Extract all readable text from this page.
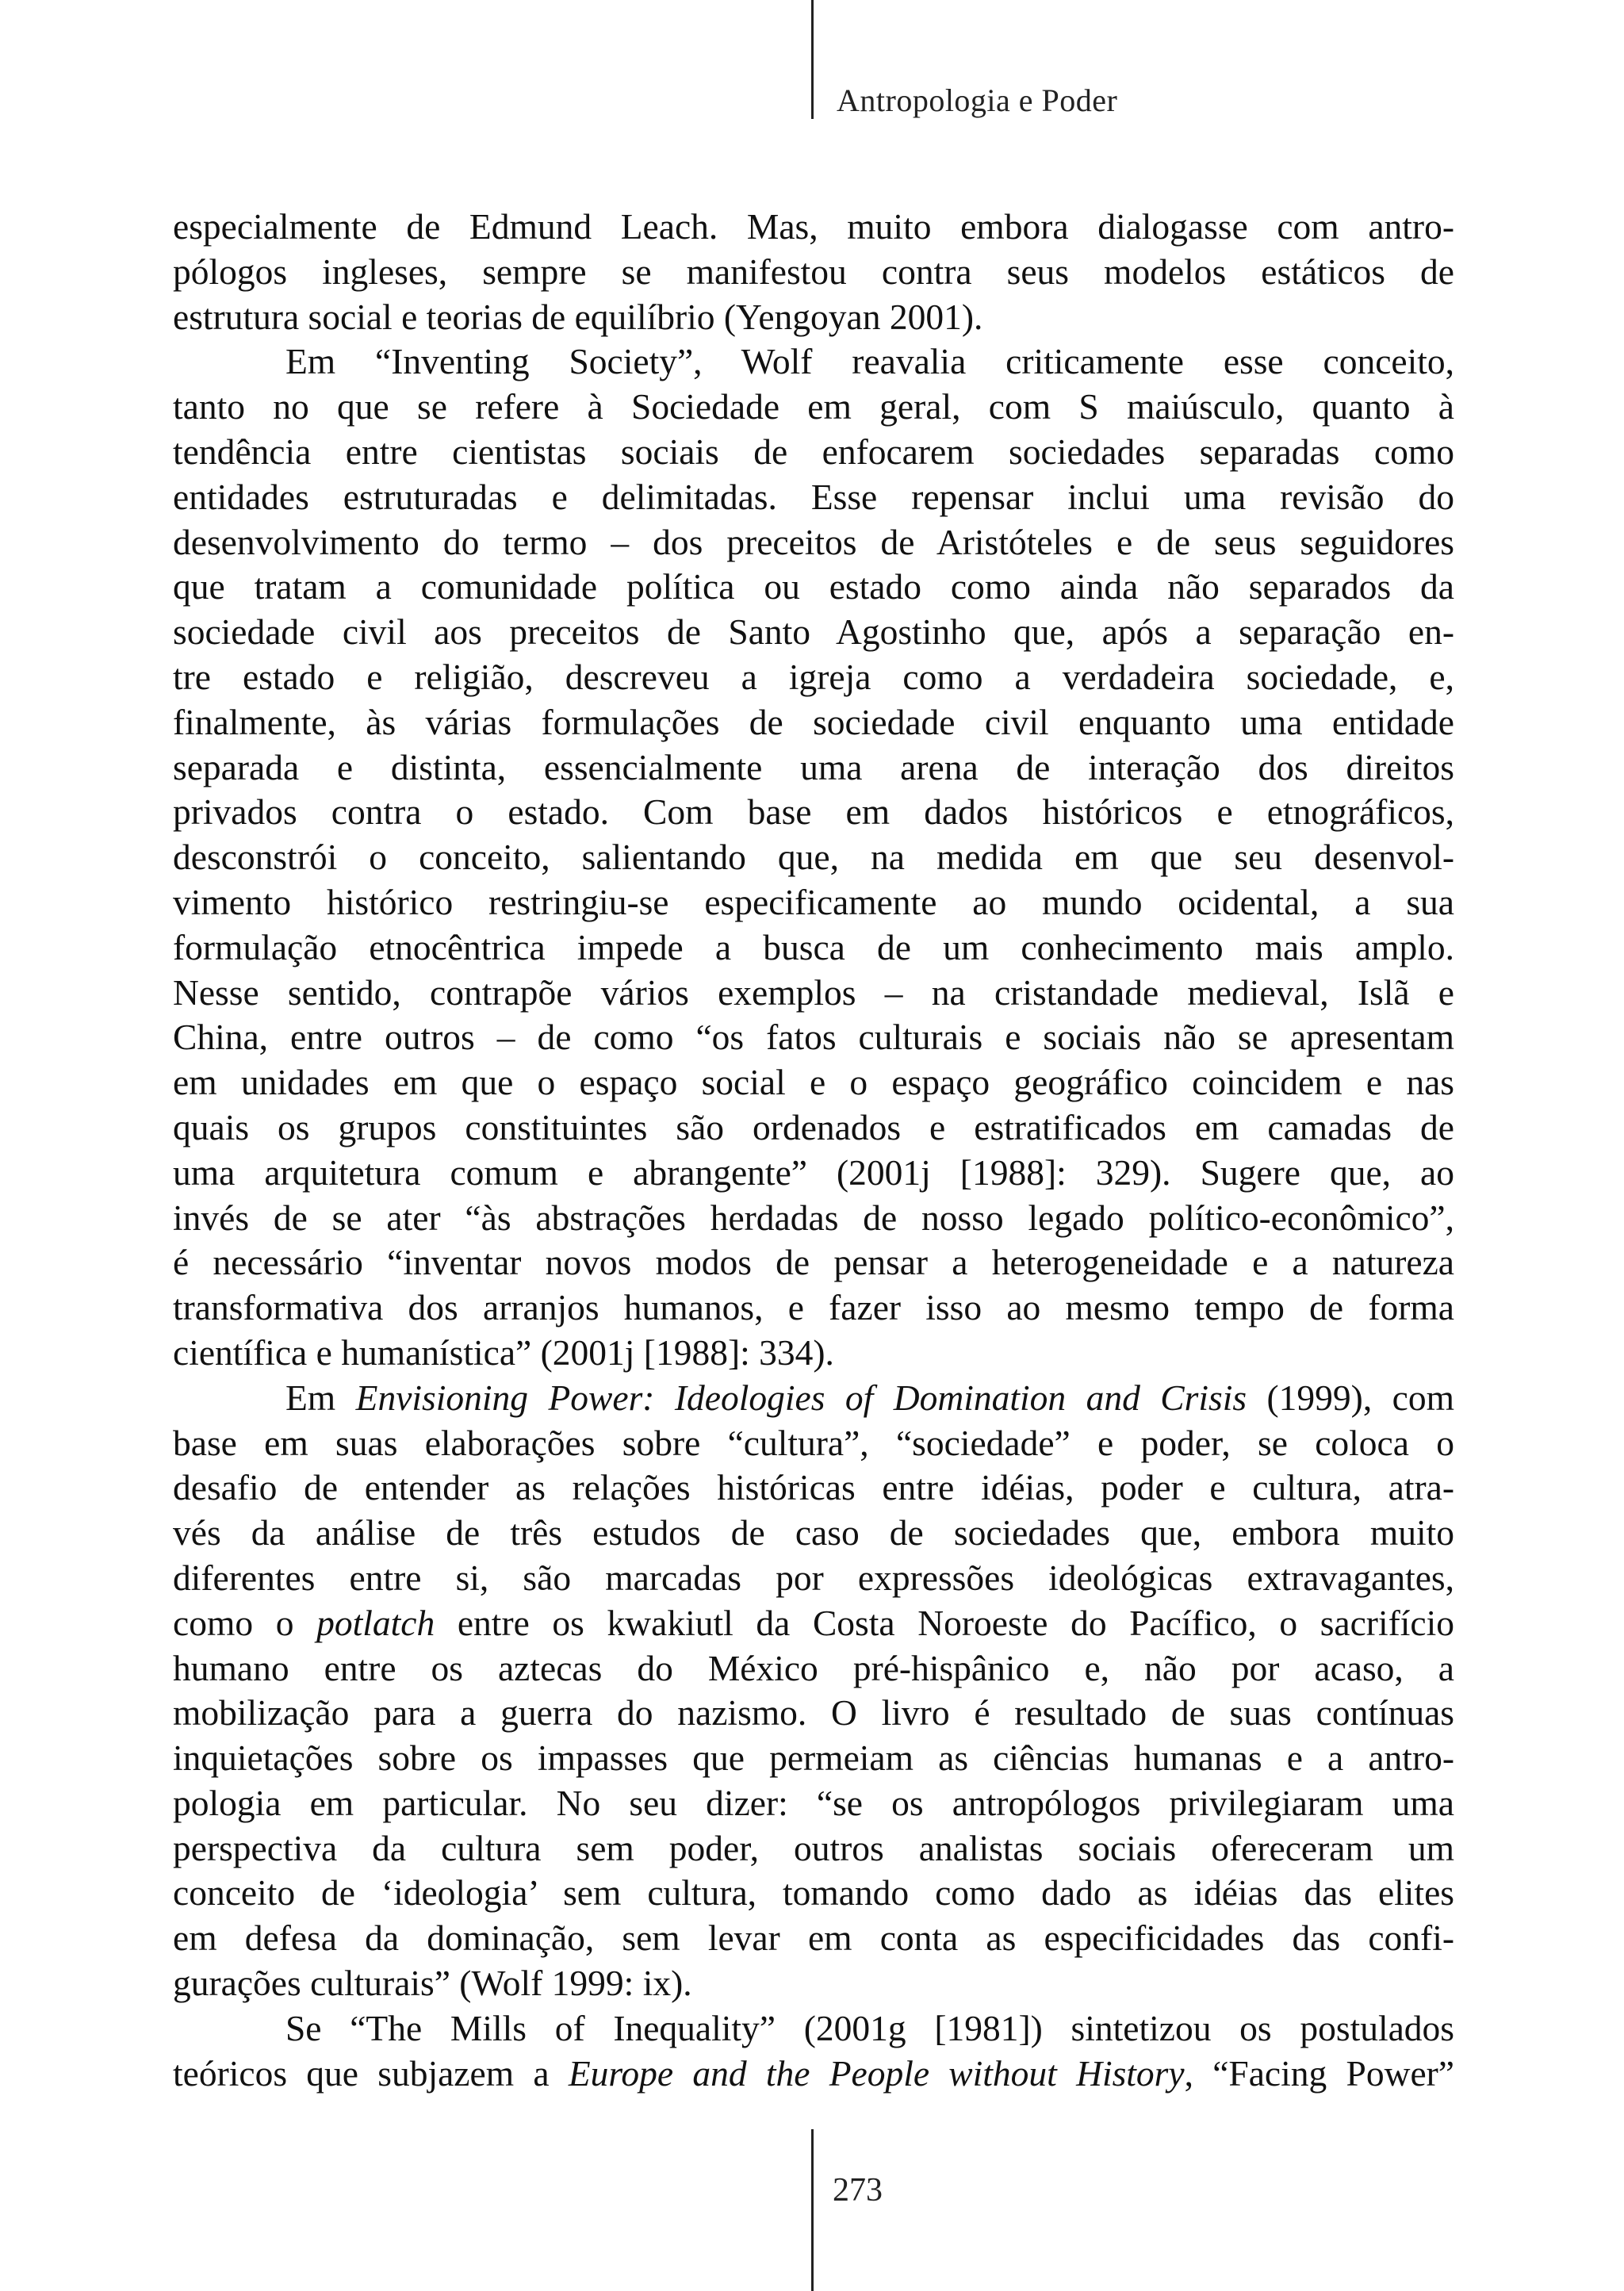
Antropologia e Poder

especialmente de Edmund Leach. Mas, muito embora dialogasse com antro-
pólogos ingleses, sempre se manifestou contra seus modelos estáticos de
estrutura social e teorias de equilíbrio (Yengoyan 2001).

Em “Inventing Society”, Wolf reavalia criticamente esse conceito,
tanto no que se refere à Sociedade em geral, com S maiúsculo, quanto à
tendência entre cientistas sociais de enfocarem sociedades separadas como
entidades estruturadas e delimitadas. Esse repensar inclui uma revisão do
desenvolvimento do termo – dos preceitos de Aristóteles e de seus seguidores
que tratam a comunidade política ou estado como ainda não separados da
sociedade civil aos preceitos de Santo Agostinho que, após a separação en-
tre estado e religião, descreveu a igreja como a verdadeira sociedade, e,
finalmente, às várias formulações de sociedade civil enquanto uma entidade
separada e distinta, essencialmente uma arena de interação dos direitos
privados contra o estado. Com base em dados históricos e etnográficos,
desconstrói o conceito, salientando que, na medida em que seu desenvol-
vimento histórico restringiu-se especificamente ao mundo ocidental, a sua
formulação etnocêntrica impede a busca de um conhecimento mais amplo.
Nesse sentido, contrapõe vários exemplos – na cristandade medieval, Islã e
China, entre outros – de como “os fatos culturais e sociais não se apresentam
em unidades em que o espaço social e o espaço geográfico coincidem e nas
quais os grupos constituintes são ordenados e estratificados em camadas de
uma arquitetura comum e abrangente” (2001j [1988]: 329). Sugere que, ao
invés de se ater “às abstrações herdadas de nosso legado político-econômico”,
é necessário “inventar novos modos de pensar a heterogeneidade e a natureza
transformativa dos arranjos humanos, e fazer isso ao mesmo tempo de forma
científica e humanística” (2001j [1988]: 334).

Em Envisioning Power: Ideologies of Domination and Crisis (1999), com
base em suas elaborações sobre “cultura”, “sociedade” e poder, se coloca o
desafio de entender as relações históricas entre idéias, poder e cultura, atra-
vés da análise de três estudos de caso de sociedades que, embora muito
diferentes entre si, são marcadas por expressões ideológicas extravagantes,
como o potlatch entre os kwakiutl da Costa Noroeste do Pacífico, o sacrifício
humano entre os aztecas do México pré-hispânico e, não por acaso, a
mobilização para a guerra do nazismo. O livro é resultado de suas contínuas
inquietações sobre os impasses que permeiam as ciências humanas e a antro-
pologia em particular. No seu dizer: “se os antropólogos privilegiaram uma
perspectiva da cultura sem poder, outros analistas sociais ofereceram um
conceito de ‘ideologia’ sem cultura, tomando como dado as idéias das elites
em defesa da dominação, sem levar em conta as especificidades das confi-
gurações culturais” (Wolf 1999: ix).

Se “The Mills of Inequality” (2001g [1981]) sintetizou os postulados
teóricos que subjazem a Europe and the People without History, “Facing Power”

273
